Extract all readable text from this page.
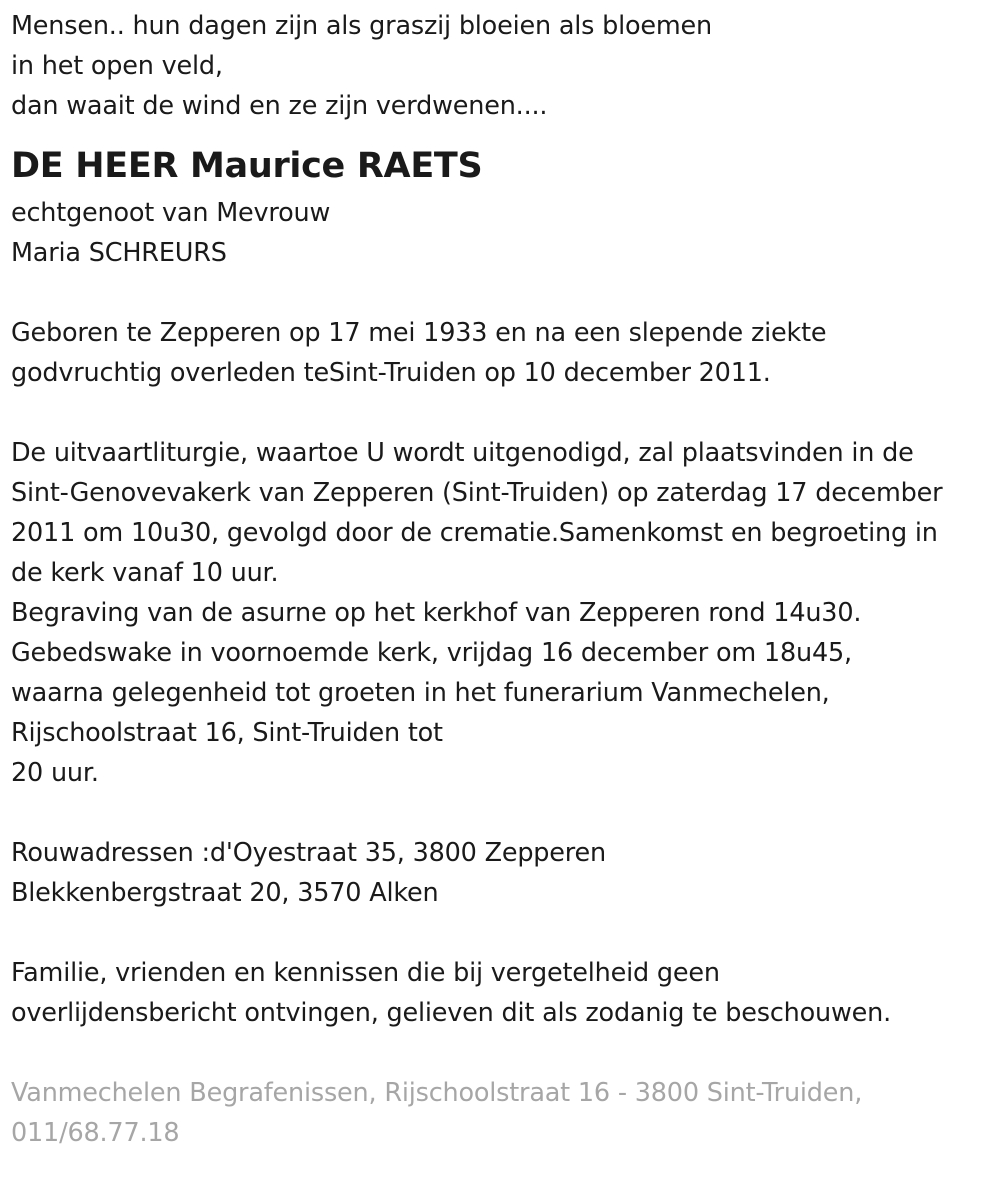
Mensen.. hun dagen zijn als graszij bloeien als bloemen
in het open veld,
dan waait de wind en ze zijn verdwenen....
DE HEER Maurice RAETS
echtgenoot van Mevrouw
Maria SCHREURS
Geboren te Zepperen op 17 mei 1933 en na een slepende ziekte
godvruchtig overleden teSint-Truiden op 10 december 2011.
De uitvaartliturgie, waartoe U wordt uitgenodigd, zal plaatsvinden in de
Sint-Genovevakerk van Zepperen (Sint-Truiden) op zaterdag 17 december
2011 om 10u30, gevolgd door de crematie.Samenkomst en begroeting in
de kerk vanaf 10 uur.
Begraving van de asurne op het kerkhof van Zepperen rond 14u30.
Gebedswake in voornoemde kerk, vrijdag 16 december om 18u45,
waarna gelegenheid tot groeten in het funerarium Vanmechelen,
Rijschoolstraat 16, Sint-Truiden tot
20 uur.
Rouwadressen :d'Oyestraat 35, 3800 Zepperen
Blekkenbergstraat 20, 3570 Alken
Familie, vrienden en kennissen die bij vergetelheid geen
overlijdensbericht ontvingen, gelieven dit als zodanig te beschouwen.
Vanmechelen Begrafenissen, Rijschoolstraat 16 - 3800 Sint-Truiden,
011/68.77.18
